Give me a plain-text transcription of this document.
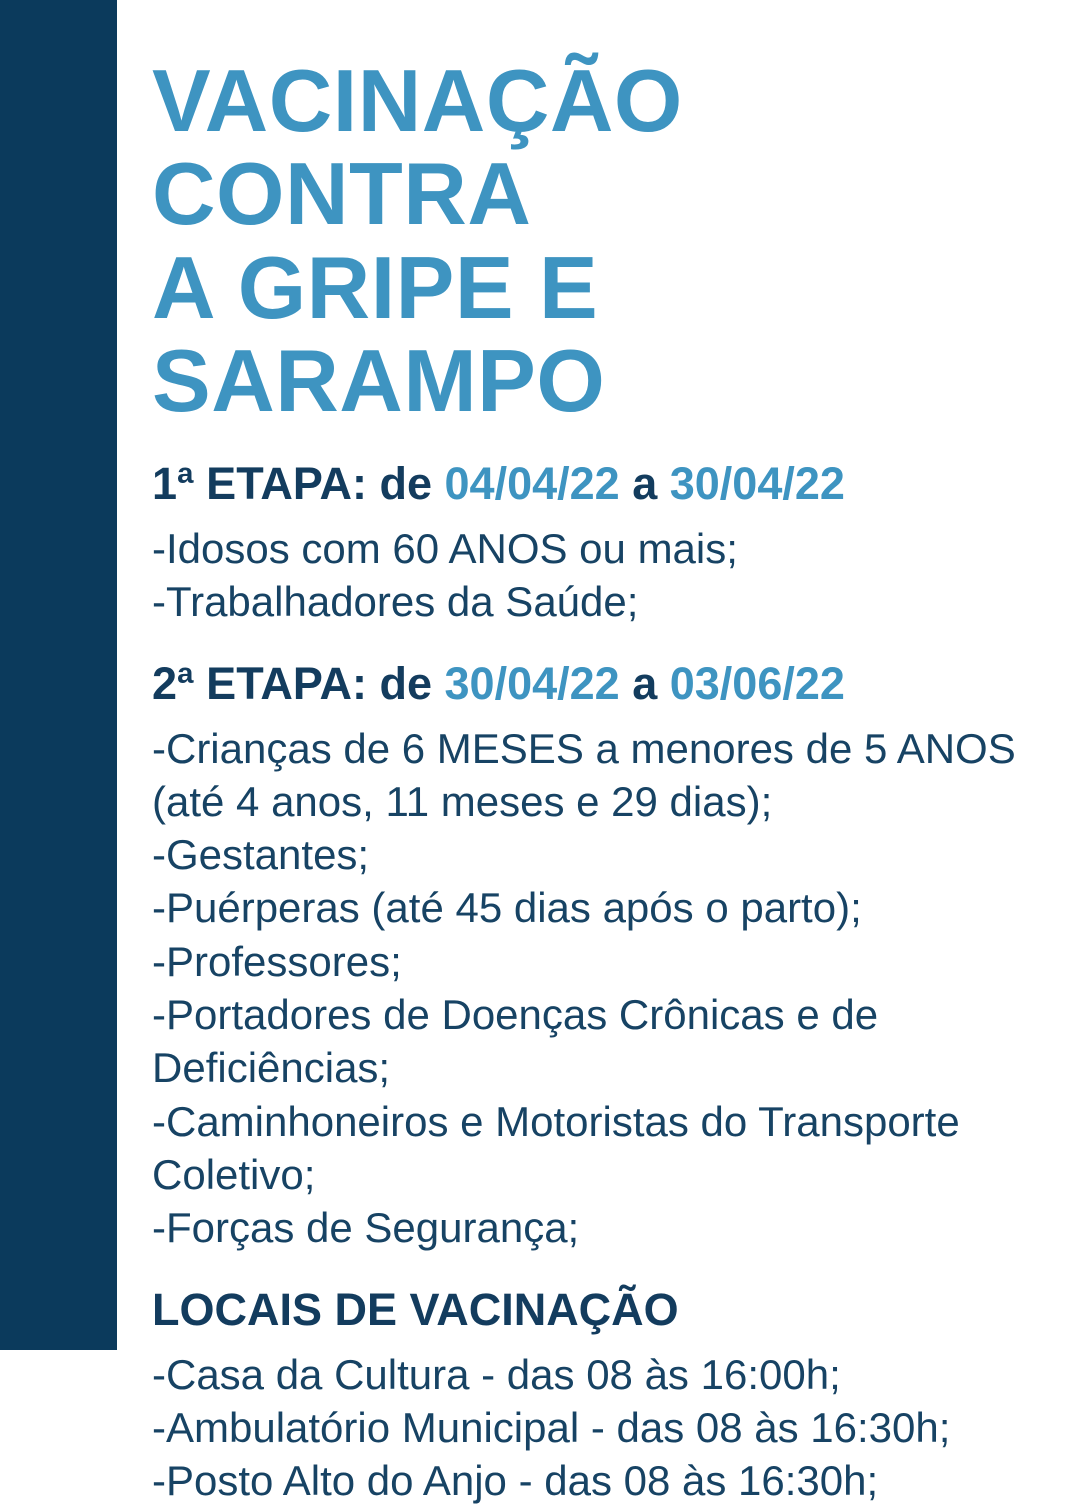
VACINAÇÃO CONTRA
A GRIPE E SARAMPO
1ª ETAPA: de 04/04/22 a 30/04/22
-Idosos com 60 ANOS ou mais;
-Trabalhadores da Saúde;
2ª ETAPA: de 30/04/22 a 03/06/22
-Crianças de 6 MESES a menores de 5 ANOS (até 4 anos, 11 meses e 29 dias);
-Gestantes;
-Puérperas (até 45 dias após o parto);
-Professores;
-Portadores de Doenças Crônicas e de Deficiências;
-Caminhoneiros e Motoristas do Transporte Coletivo;
-Forças de Segurança;
LOCAIS DE VACINAÇÃO
-Casa da Cultura - das 08 às 16:00h;
-Ambulatório Municipal - das 08 às 16:30h;
-Posto Alto do Anjo - das 08 às 16:30h;
